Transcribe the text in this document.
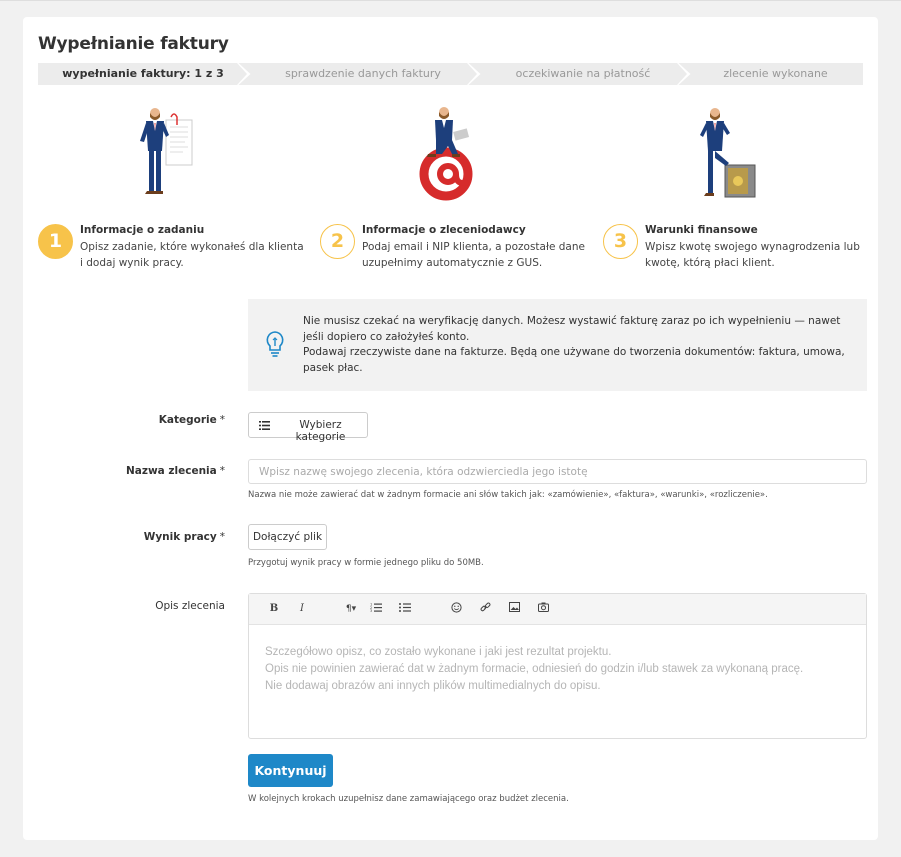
Wypełnianie faktury
wypełnianie faktury: 1 z 3	sprawdzenie danych faktury	oczekiwanie na płatność	zlecenie wykonane
1	Informacje o zadaniu
Opisz zadanie, które wykonałeś dla klienta i dodaj wynik pracy.
2	Informacje o zleceniodawcy
Podaj email i NIP klienta, a pozostałe dane uzupełnimy automatycznie z GUS.
3	Warunki finansowe
Wpisz kwotę swojego wynagrodzenia lub kwotę, którą płaci klient.
Nie musisz czekać na weryfikację danych. Możesz wystawić fakturę zaraz po ich wypełnieniu — nawet jeśli dopiero co założyłeś konto.
Podawaj rzeczywiste dane na fakturze. Będą one używane do tworzenia dokumentów: faktura, umowa, pasek płac.
Kategorie *	Wybierz kategorie
Nazwa zlecenia *
Wpisz nazwę swojego zlecenia, która odzwierciedla jego istotę
Nazwa nie może zawierać dat w żadnym formacie ani słów takich jak: «zamówienie», «faktura», «warunki», «rozliczenie».
Wynik pracy *	Dołączyć plik
Przygotuj wynik pracy w formie jednego pliku do 50MB.
Opis zlecenia	B	I	¶▾	1
2
3
Szczegółowo opisz, co zostało wykonane i jaki jest rezultat projektu.
Opis nie powinien zawierać dat w żadnym formacie, odniesień do godzin i/lub stawek za wykonaną pracę.
Nie dodawaj obrazów ani innych plików multimedialnych do opisu.
Kontynuuj
W kolejnych krokach uzupełnisz dane zamawiającego oraz budżet zlecenia.
